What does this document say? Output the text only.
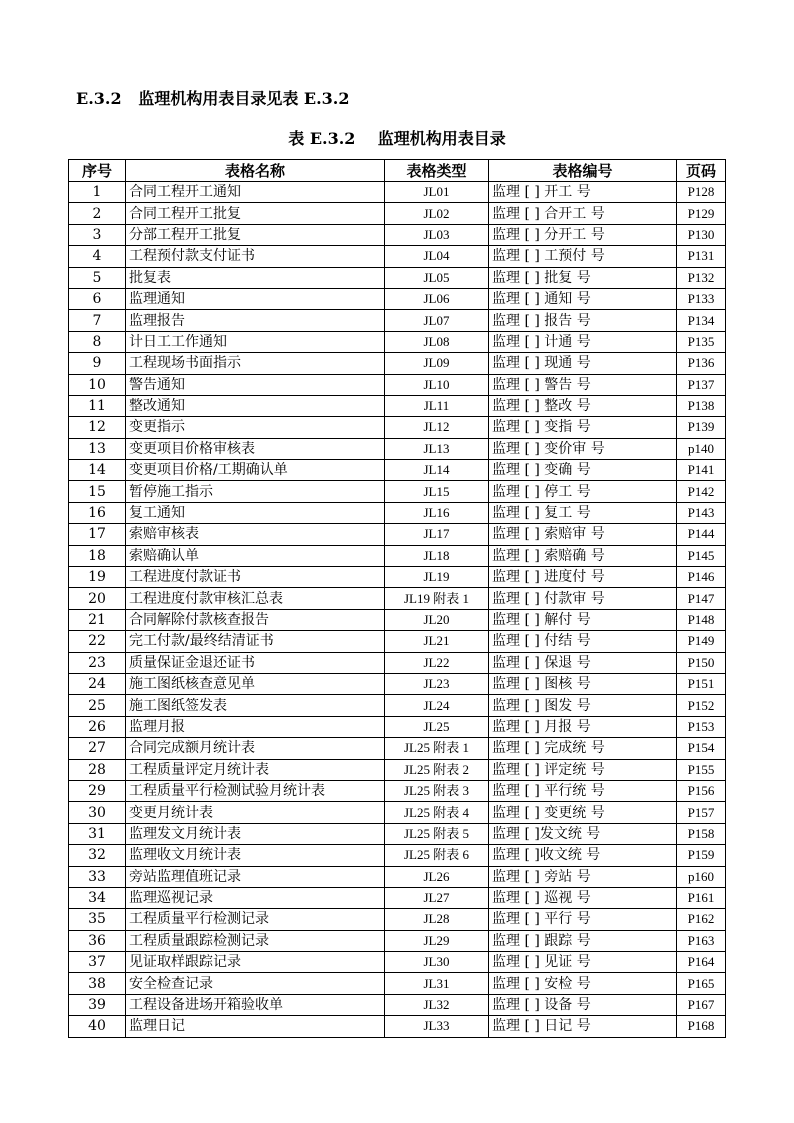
E.3.2   监理机构用表目录见表 E.3.2
表 E.3.2    监理机构用表目录
序号	表格名称	表格类型	表格编号	页码
1	合同工程开工通知	JL01	监理 [ ] 开工 号	P128
2	合同工程开工批复	JL02	监理 [ ] 合开工 号	P129
3	分部工程开工批复	JL03	监理 [ ] 分开工 号	P130
4	工程预付款支付证书	JL04	监理 [ ] 工预付 号	P131
5	批复表	JL05	监理 [ ] 批复 号	P132
6	监理通知	JL06	监理 [ ] 通知 号	P133
7	监理报告	JL07	监理 [ ] 报告 号	P134
8	计日工工作通知	JL08	监理 [ ] 计通 号	P135
9	工程现场书面指示	JL09	监理 [ ] 现通 号	P136
10	警告通知	JL10	监理 [ ] 警告 号	P137
11	整改通知	JL11	监理 [ ] 整改 号	P138
12	变更指示	JL12	监理 [ ] 变指 号	P139
13	变更项目价格审核表	JL13	监理 [ ] 变价审 号	p140
14	变更项目价格/工期确认单	JL14	监理 [ ] 变确 号	P141
15	暂停施工指示	JL15	监理 [ ] 停工 号	P142
16	复工通知	JL16	监理 [ ] 复工 号	P143
17	索赔审核表	JL17	监理 [ ] 索赔审 号	P144
18	索赔确认单	JL18	监理 [ ] 索赔确 号	P145
19	工程进度付款证书	JL19	监理 [ ] 进度付 号	P146
20	工程进度付款审核汇总表	JL19 附表 1	监理 [ ] 付款审 号	P147
21	合同解除付款核查报告	JL20	监理 [ ] 解付 号	P148
22	完工付款/最终结清证书	JL21	监理 [ ] 付结 号	P149
23	质量保证金退还证书	JL22	监理 [ ] 保退 号	P150
24	施工图纸核查意见单	JL23	监理 [ ] 图核 号	P151
25	施工图纸签发表	JL24	监理 [ ] 图发 号	P152
26	监理月报	JL25	监理 [ ] 月报 号	P153
27	合同完成额月统计表	JL25 附表 1	监理 [ ] 完成统 号	P154
28	工程质量评定月统计表	JL25 附表 2	监理 [ ] 评定统 号	P155
29	工程质量平行检测试验月统计表	JL25 附表 3	监理 [ ] 平行统 号	P156
30	变更月统计表	JL25 附表 4	监理 [ ] 变更统 号	P157
31	监理发文月统计表	JL25 附表 5	监理 [ ]发文统 号	P158
32	监理收文月统计表	JL25 附表 6	监理 [ ]收文统 号	P159
33	旁站监理值班记录	JL26	监理 [ ] 旁站 号	p160
34	监理巡视记录	JL27	监理 [ ] 巡视 号	P161
35	工程质量平行检测记录	JL28	监理 [ ] 平行 号	P162
36	工程质量跟踪检测记录	JL29	监理 [ ] 跟踪 号	P163
37	见证取样跟踪记录	JL30	监理 [ ] 见证 号	P164
38	安全检查记录	JL31	监理 [ ] 安检 号	P165
39	工程设备进场开箱验收单	JL32	监理 [ ] 设备 号	P167
40	监理日记	JL33	监理 [ ] 日记 号	P168
